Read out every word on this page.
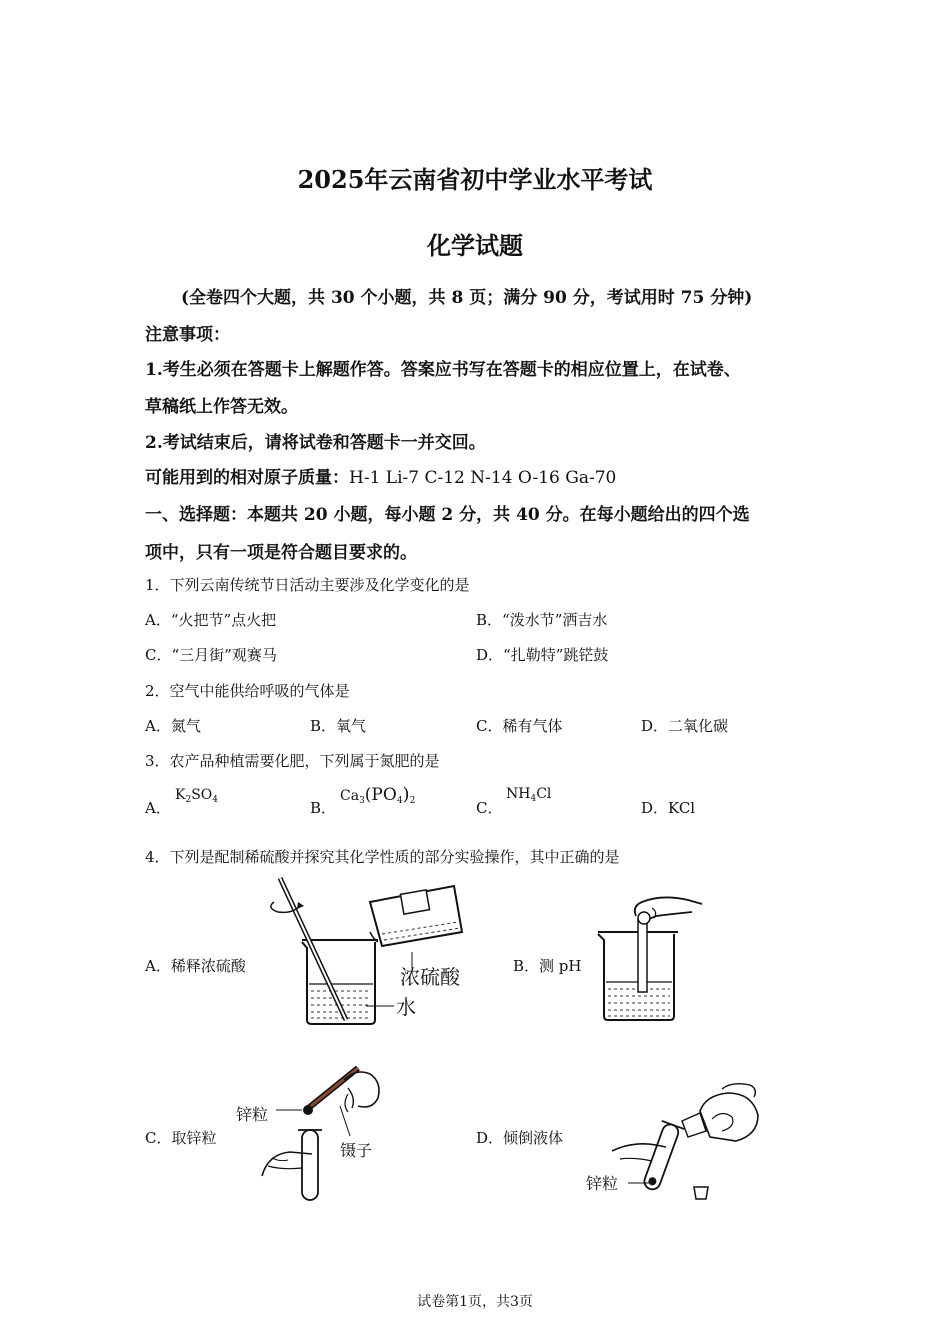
2025年云南省初中学业水平考试
化学试题
(全卷四个大题，共 30 个小题，共 8 页；满分 90 分，考试用时 75 分钟)
注意事项：
1.考生必须在答题卡上解题作答。答案应书写在答题卡的相应位置上，在试卷、
草稿纸上作答无效。
2.考试结束后，请将试卷和答题卡一并交回。
可能用到的相对原子质量：H-1 Li-7 C-12 N-14 O-16 Ga-70
一、选择题：本题共 20 小题，每小题 2 分，共 40 分。在每小题给出的四个选
项中，只有一项是符合题目要求的。
1．下列云南传统节日活动主要涉及化学变化的是
A．“火把节”点火把	B．“泼水节”洒吉水
C．“三月街”观赛马	D．“扎勒特”跳铓鼓
2．空气中能供给呼吸的气体是
A．氮气	B．氧气	C．稀有气体	D．二氧化碳
3．农产品种植需要化肥，下列属于氮肥的是
A．
$K_2SO_4$	B．
$Ca_3(PO_4)_2$	C．
$NH_4Cl$
D．KCl
4．下列是配制稀硫酸并探究其化学性质的部分实验操作，其中正确的是
A．稀释浓硫酸	B．测 pH
C．取锌粒	D．倾倒液体
浓硫酸
水
锌粒
镊子
锌粒
试卷第1页，共3页
